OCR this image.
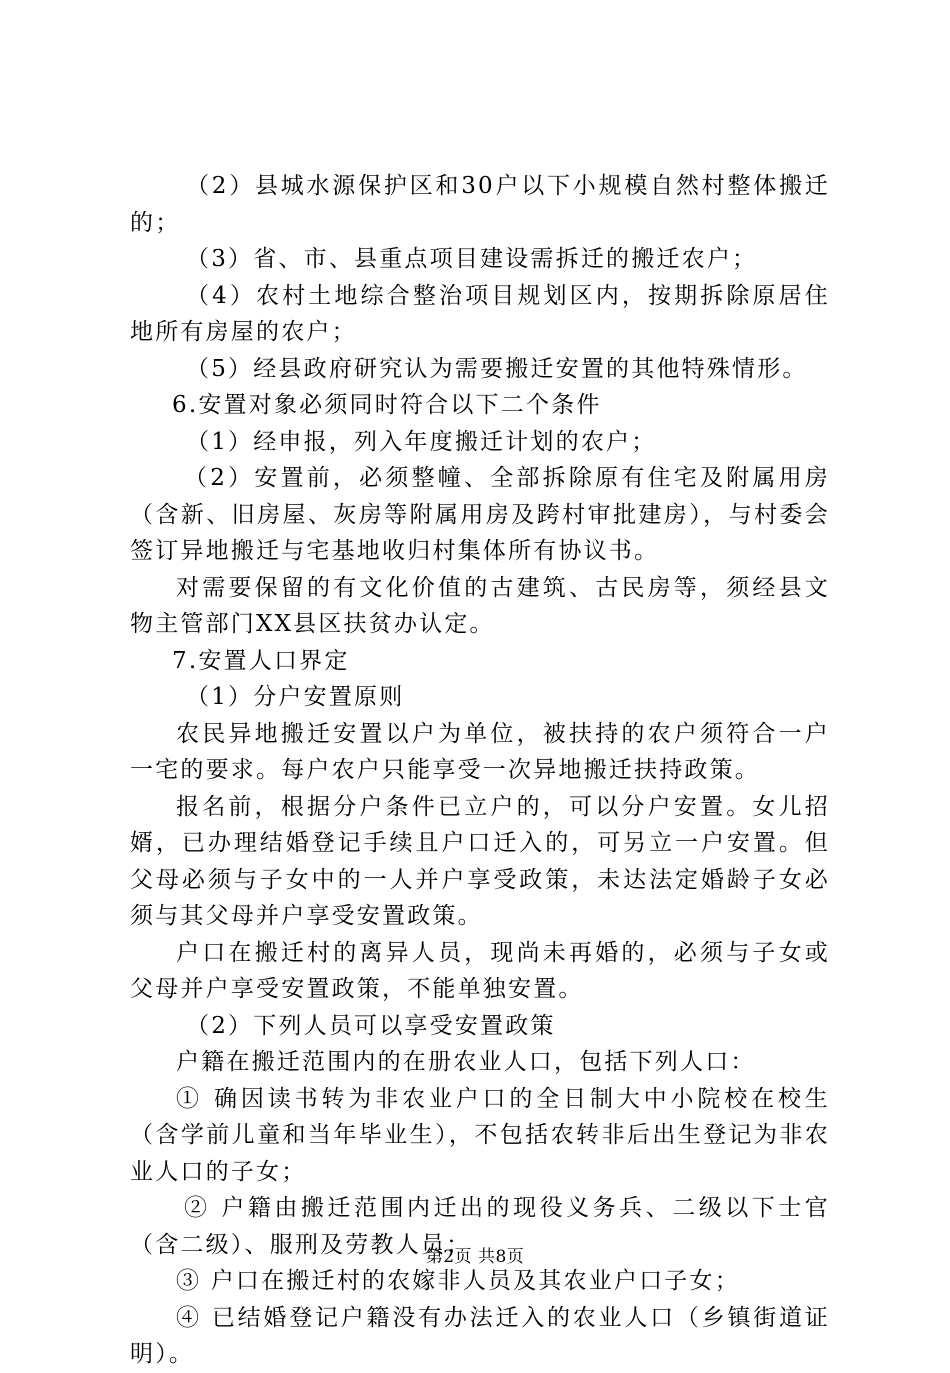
（2）县城水源保护区和30户以下小规模自然村整体搬迁的；

（3）省、市、县重点项目建设需拆迁的搬迁农户；

（4）农村土地综合整治项目规划区内，按期拆除原居住地所有房屋的农户；

（5）经县政府研究认为需要搬迁安置的其他特殊情形。

6.安置对象必须同时符合以下二个条件

（1）经申报，列入年度搬迁计划的农户；

（2）安置前，必须整幢、全部拆除原有住宅及附属用房（含新、旧房屋、灰房等附属用房及跨村审批建房），与村委会签订异地搬迁与宅基地收归村集体所有协议书。

对需要保留的有文化价值的古建筑、古民房等，须经县文物主管部门XX县区扶贫办认定。

7.安置人口界定

（1）分户安置原则

农民异地搬迁安置以户为单位，被扶持的农户须符合一户一宅的要求。每户农户只能享受一次异地搬迁扶持政策。

报名前，根据分户条件已立户的，可以分户安置。女儿招婿，已办理结婚登记手续且户口迁入的，可另立一户安置。但父母必须与子女中的一人并户享受政策，未达法定婚龄子女必须与其父母并户享受安置政策。

户口在搬迁村的离异人员，现尚未再婚的，必须与子女或父母并户享受安置政策，不能单独安置。

（2）下列人员可以享受安置政策

户籍在搬迁范围内的在册农业人口，包括下列人口：

① 确因读书转为非农业户口的全日制大中小院校在校生（含学前儿童和当年毕业生），不包括农转非后出生登记为非农业人口的子女；

② 户籍由搬迁范围内迁出的现役义务兵、二级以下士官（含二级）、服刑及劳教人员；

③ 户口在搬迁村的农嫁非人员及其农业户口子女；

④ 已结婚登记户籍没有办法迁入的农业人口（乡镇街道证明）。

第2页 共8页
